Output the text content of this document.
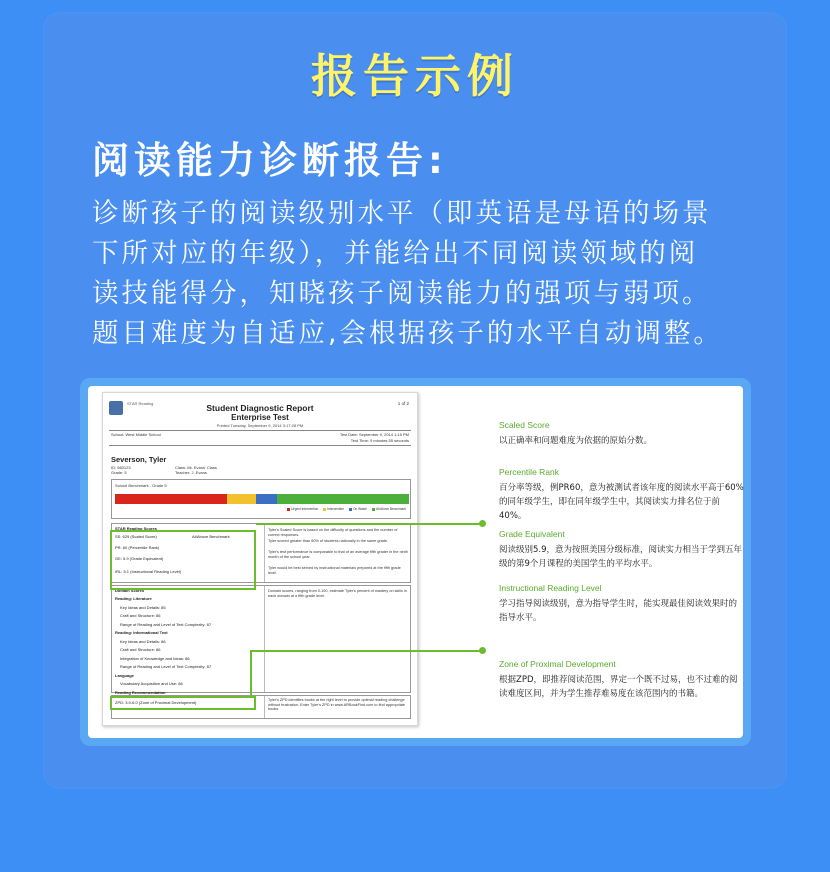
报告示例
阅读能力诊断报告:
诊断孩子的阅读级别水平（即英语是母语的场景
下所对应的年级），并能给出不同阅读领域的阅
读技能得分，知晓孩子阅读能力的强项与弱项。
题目难度为自适应,会根据孩子的水平自动调整。
STAR Reading	1 of 2
Student Diagnostic Report
Enterprise Test
Printed Tuesday, September 9, 2014 3:17:28 PM
School: West Middle School	Test Date: September 9, 2014 1:15 PM
Test Time: 9 minutes 55 seconds
Severson, Tyler
ID: 560123
Grade: 5
Class: Mr. Evans' Class
Teacher: J. Evans
School Benchmark - Grade 5
Urgent Intervention	Intervention	On Watch	At/Above Benchmark
STAR Reading Scores
SS: 629 (Scaled Score)	At/Above Benchmark
PR: 60 (Percentile Rank)
GE: 5.9 (Grade Equivalent)
IRL: 5.1 (Instructional Reading Level)
Tyler's Scaled Score is based on the difficulty of questions and the number of correct responses.
Tyler scored greater than 60% of students nationally in the same grade.
Tyler's test performance is comparable to that of an average fifth grader in the ninth month of the school year.
Tyler would be best served by instructional materials prepared at the fifth grade level.
Domain Scores
Reading: Literature
Key Ideas and Details: 85
Craft and Structure: 86
Range of Reading and Level of Text Complexity: 87
Reading: Informational Text
Key Ideas and Details: 86
Craft and Structure: 86
Integration of Knowledge and Ideas: 86
Range of Reading and Level of Text Complexity: 87
Language
Vocabulary Acquisition and Use: 86
Domain scores, ranging from 0-100, estimate Tyler's percent of mastery on skills in each domain at a fifth grade level.
Reading Recommendation
ZPD: 3.9-6.0 (Zone of Proximal Development)	Tyler's ZPD identifies books at the right level to provide optimal reading challenge without frustration. Enter Tyler's ZPD in www.ARBookFind.com to find appropriate books.
Scaled Score
以正确率和问题难度为依据的原始分数。
Percentile Rank
百分率等级，例PR60，意为被测试者该年度的阅读水平高于60%的同年级学生，即在同年级学生中，其阅读实力排名位于前40%。
Grade Equivalent
阅读级别5.9，意为按照美国分级标准，阅读实力相当于学到五年级的第9个月课程的美国学生的平均水平。
Instructional Reading Level
学习指导阅读级别，意为指导学生时，能实现最佳阅读效果时的指导水平。
Zone of Proximal Development
根据ZPD，即推荐阅读范围，界定一个既不过易，也不过难的阅读难度区间，并为学生推荐难易度在该范围内的书籍。
